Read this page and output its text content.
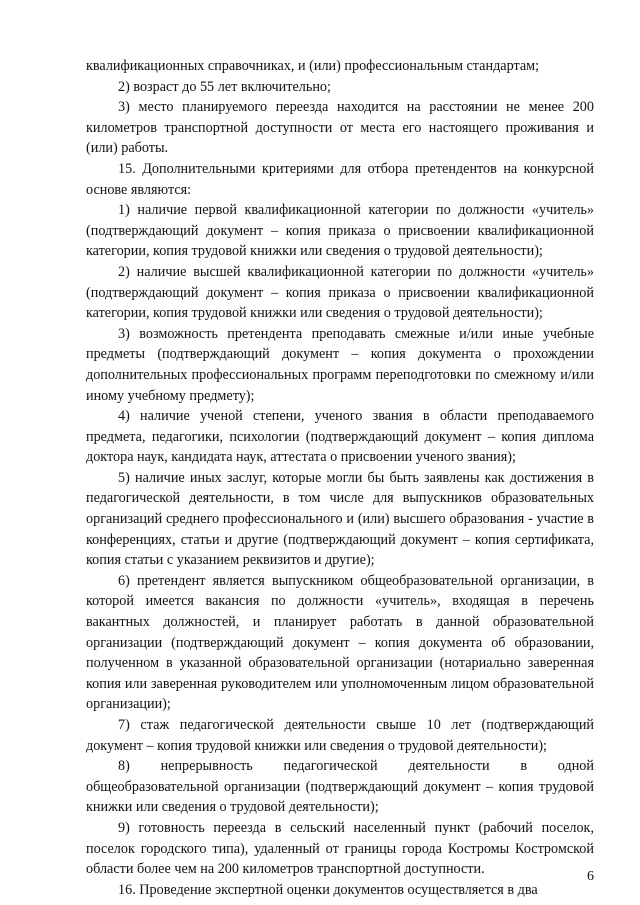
квалификационных справочниках, и (или) профессиональным стандартам;

2) возраст до 55 лет включительно;

3) место планируемого переезда находится на расстоянии не менее 200 километров транспортной доступности от места его настоящего проживания и (или) работы.

15. Дополнительными критериями для отбора претендентов на конкурсной основе являются:

1) наличие первой квалификационной категории по должности «учитель» (подтверждающий документ – копия приказа о присвоении квалификационной категории, копия трудовой книжки или сведения о трудовой деятельности);

2) наличие высшей квалификационной категории по должности «учитель» (подтверждающий документ – копия приказа о присвоении квалификационной категории, копия трудовой книжки или сведения о трудовой деятельности);

3) возможность претендента преподавать смежные и/или иные учебные предметы (подтверждающий документ – копия документа о прохождении дополнительных профессиональных программ переподготовки по смежному и/или иному учебному предмету);

4) наличие ученой степени, ученого звания в области преподаваемого предмета, педагогики, психологии (подтверждающий документ – копия диплома доктора наук, кандидата наук, аттестата о присвоении ученого звания);

5) наличие иных заслуг, которые могли бы быть заявлены как достижения в педагогической деятельности, в том числе для выпускников образовательных организаций среднего профессионального и (или) высшего образования - участие в конференциях, статьи и другие (подтверждающий документ – копия сертификата, копия статьи с указанием реквизитов и другие);

6) претендент является выпускником общеобразовательной организации, в которой имеется вакансия по должности «учитель», входящая в перечень вакантных должностей, и планирует работать в данной образовательной организации (подтверждающий документ – копия документа об образовании, полученном в указанной образовательной организации (нотариально заверенная копия или заверенная руководителем или уполномоченным лицом образовательной организации);

7) стаж педагогической деятельности свыше 10 лет (подтверждающий документ – копия трудовой книжки или сведения о трудовой деятельности);

8) непрерывность педагогической деятельности в одной общеобразовательной организации (подтверждающий документ – копия трудовой книжки или сведения о трудовой деятельности);

9) готовность переезда в сельский населенный пункт (рабочий поселок, поселок городского типа), удаленный от границы города Костромы Костромской области более чем на 200 километров транспортной доступности.

16. Проведение экспертной оценки документов осуществляется в два

6
